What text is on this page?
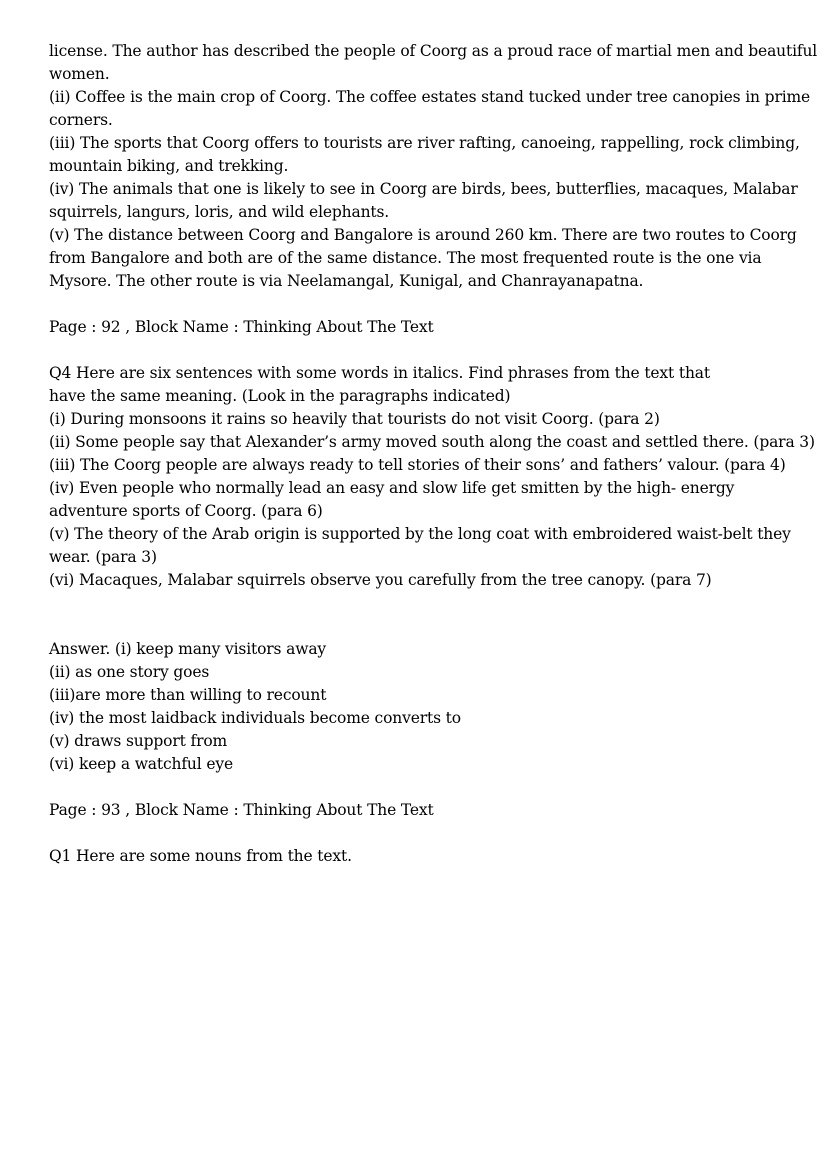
license. The author has described the people of Coorg as a proud race of martial men and beautiful
women.
(ii) Coffee is the main crop of Coorg. The coffee estates stand tucked under tree canopies in prime
corners.
(iii) The sports that Coorg offers to tourists are river rafting, canoeing, rappelling, rock climbing,
mountain biking, and trekking.
(iv) The animals that one is likely to see in Coorg are birds, bees, butterflies, macaques, Malabar
squirrels, langurs, loris, and wild elephants.
(v) The distance between Coorg and Bangalore is around 260 km. There are two routes to Coorg
from Bangalore and both are of the same distance. The most frequented route is the one via
Mysore. The other route is via Neelamangal, Kunigal, and Chanrayanapatna.
Page : 92 , Block Name : Thinking About The Text
Q4 Here are six sentences with some words in italics. Find phrases from the text that
have the same meaning. (Look in the paragraphs indicated)
(i) During monsoons it rains so heavily that tourists do not visit Coorg. (para 2)
(ii) Some people say that Alexander’s army moved south along the coast and settled there. (para 3)
(iii) The Coorg people are always ready to tell stories of their sons’ and fathers’ valour. (para 4)
(iv) Even people who normally lead an easy and slow life get smitten by the high- energy
adventure sports of Coorg. (para 6)
(v) The theory of the Arab origin is supported by the long coat with embroidered waist-belt they
wear. (para 3)
(vi) Macaques, Malabar squirrels observe you carefully from the tree canopy. (para 7)
Answer. (i) keep many visitors away
(ii) as one story goes
(iii)are more than willing to recount
(iv) the most laidback individuals become converts to
(v) draws support from
(vi) keep a watchful eye
Page : 93 , Block Name : Thinking About The Text
Q1 Here are some nouns from the text.
